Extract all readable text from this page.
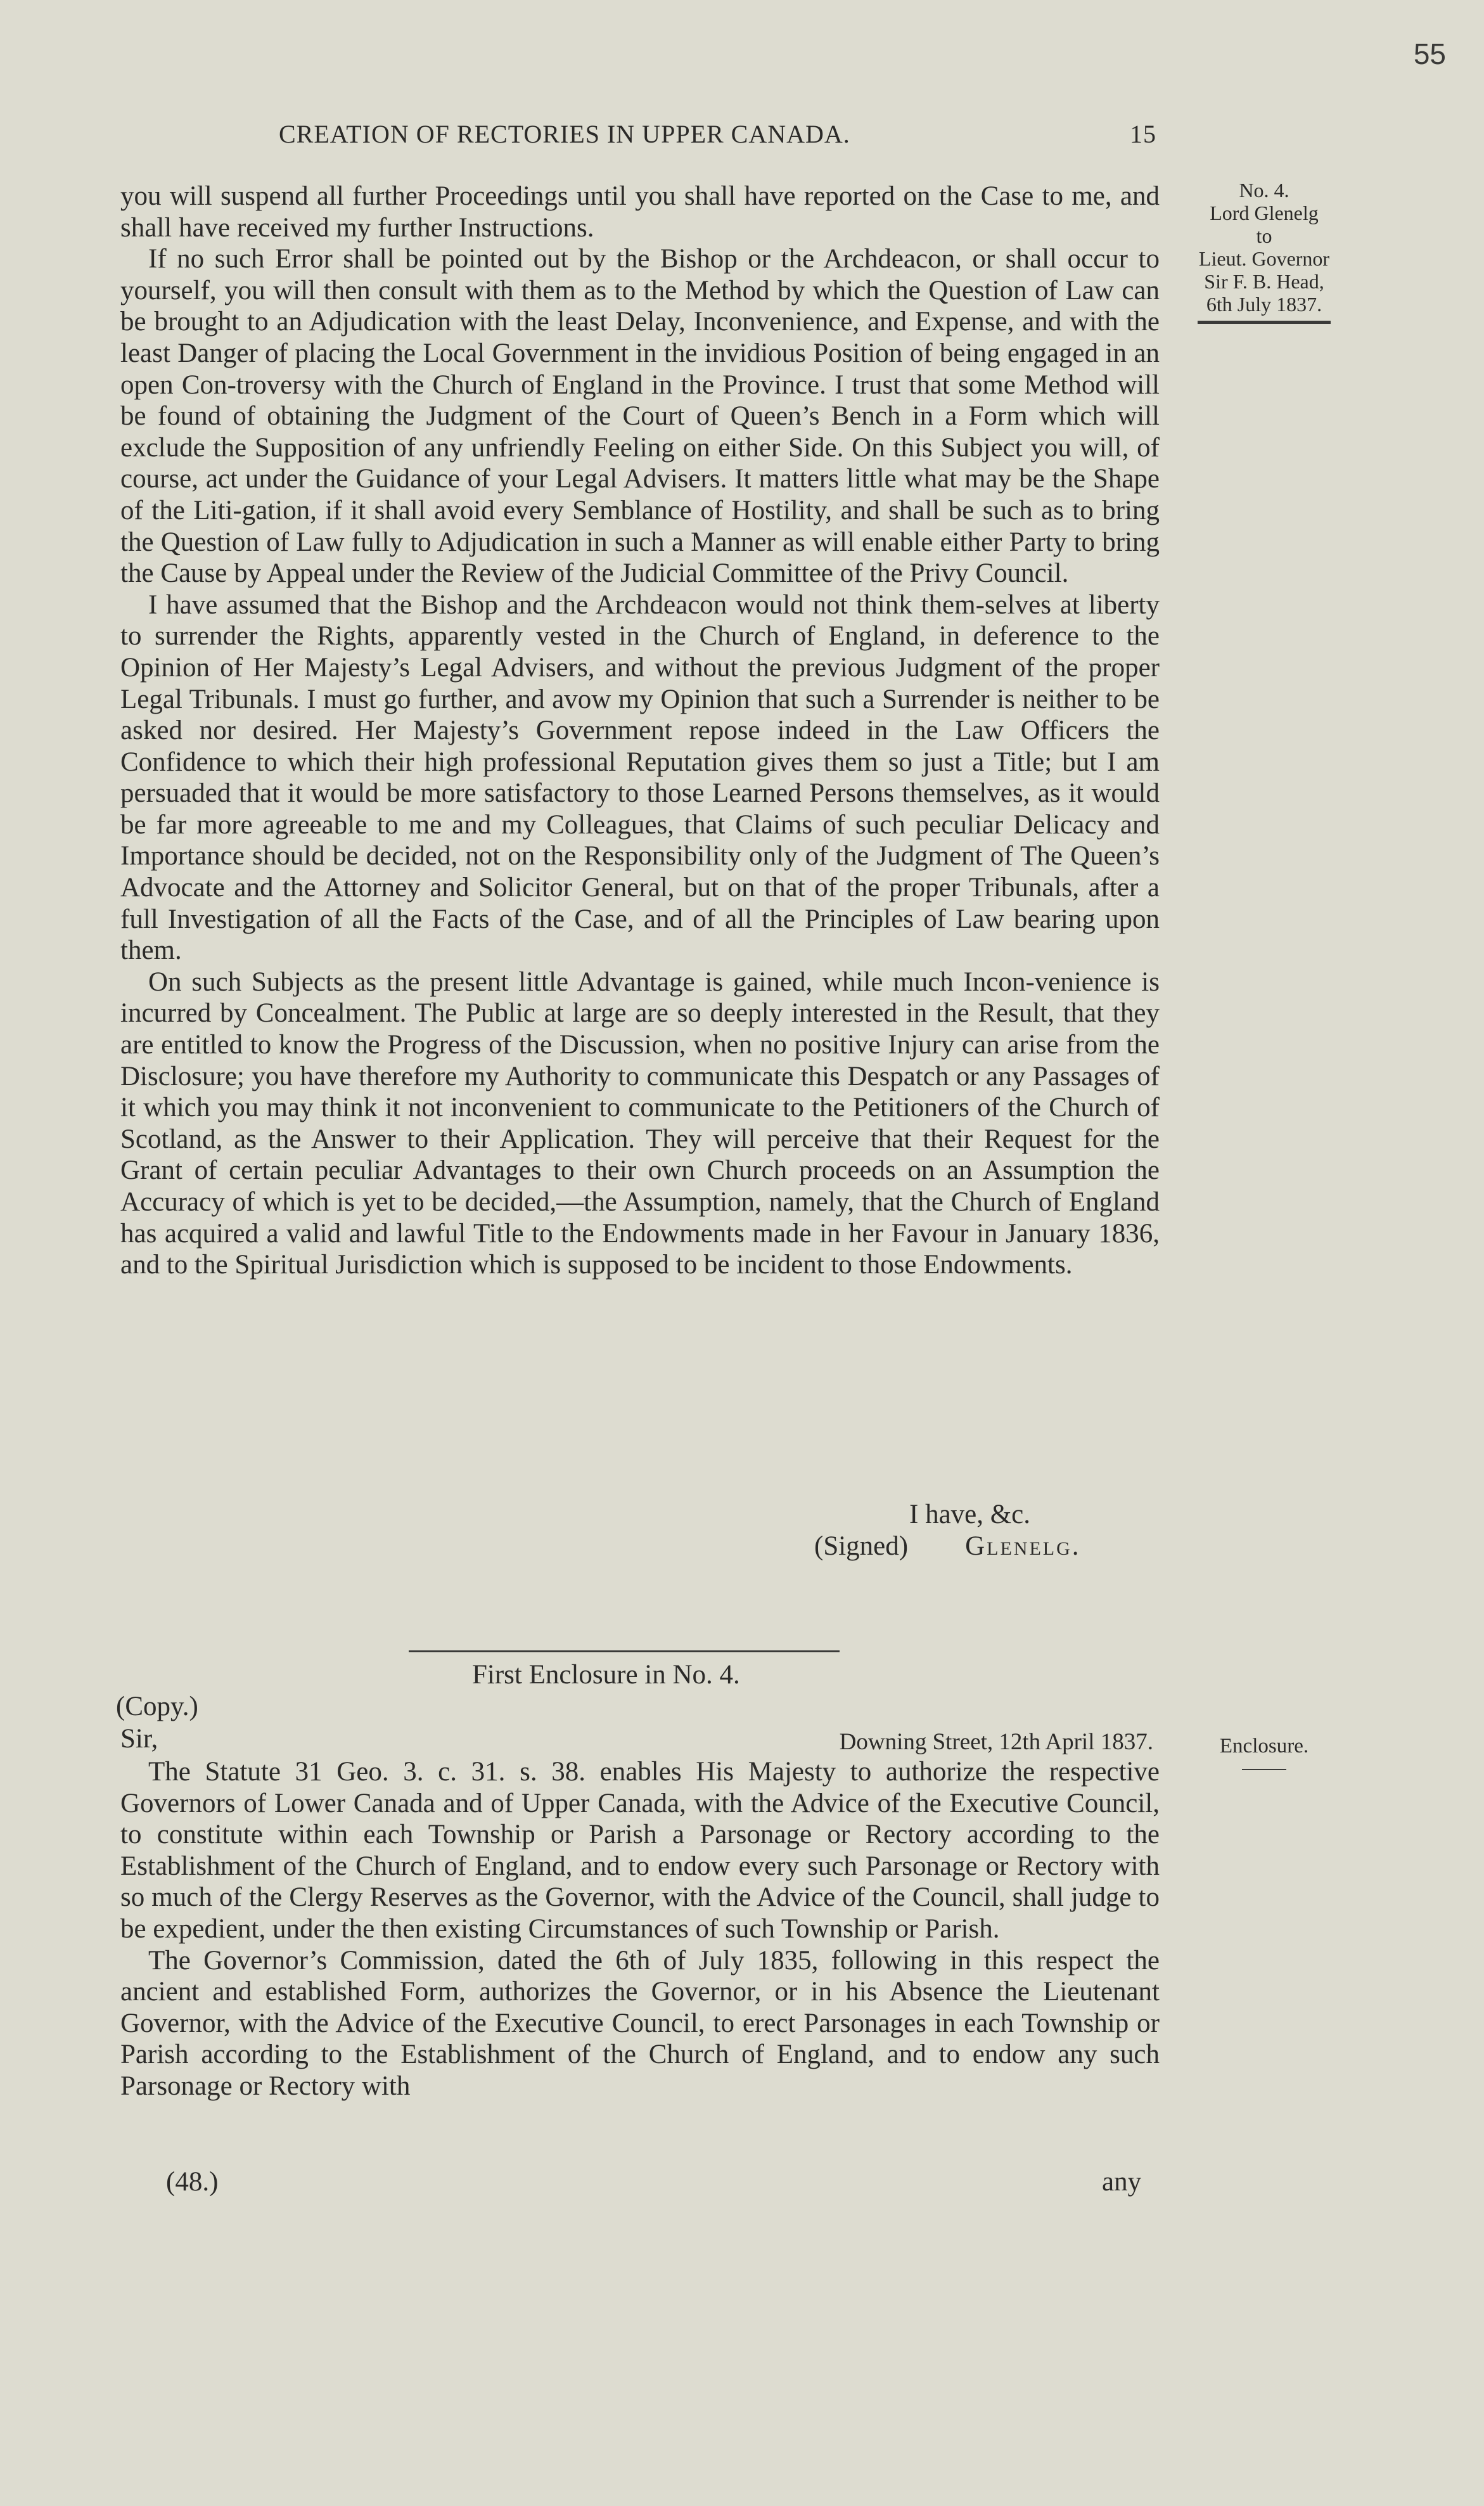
55
CREATION OF RECTORIES IN UPPER CANADA.	15
No. 4.
Lord Glenelg
to
Lieut. Governor
Sir F. B. Head,
6th July 1837.

you will suspend all further Proceedings until you shall have reported on the Case to me, and shall have received my further Instructions.

If no such Error shall be pointed out by the Bishop or the Archdeacon, or shall occur to yourself, you will then consult with them as to the Method by which the Question of Law can be brought to an Adjudication with the least Delay, Inconvenience, and Expense, and with the least Danger of placing the Local Government in the invidious Position of being engaged in an open Con-troversy with the Church of England in the Province. I trust that some Method will be found of obtaining the Judgment of the Court of Queen’s Bench in a Form which will exclude the Supposition of any unfriendly Feeling on either Side. On this Subject you will, of course, act under the Guidance of your Legal Advisers. It matters little what may be the Shape of the Liti-gation, if it shall avoid every Semblance of Hostility, and shall be such as to bring the Question of Law fully to Adjudication in such a Manner as will enable either Party to bring the Cause by Appeal under the Review of the Judicial Committee of the Privy Council.

I have assumed that the Bishop and the Archdeacon would not think them-selves at liberty to surrender the Rights, apparently vested in the Church of England, in deference to the Opinion of Her Majesty’s Legal Advisers, and without the previous Judgment of the proper Legal Tribunals. I must go further, and avow my Opinion that such a Surrender is neither to be asked nor desired. Her Majesty’s Government repose indeed in the Law Officers the Confidence to which their high professional Reputation gives them so just a Title; but I am persuaded that it would be more satisfactory to those Learned Persons themselves, as it would be far more agreeable to me and my Colleagues, that Claims of such peculiar Delicacy and Importance should be decided, not on the Responsibility only of the Judgment of The Queen’s Advocate and the Attorney and Solicitor General, but on that of the proper Tribunals, after a full Investigation of all the Facts of the Case, and of all the Principles of Law bearing upon them.

On such Subjects as the present little Advantage is gained, while much Incon-venience is incurred by Concealment. The Public at large are so deeply interested in the Result, that they are entitled to know the Progress of the Discussion, when no positive Injury can arise from the Disclosure; you have therefore my Authority to communicate this Despatch or any Passages of it which you may think it not inconvenient to communicate to the Petitioners of the Church of Scotland, as the Answer to their Application. They will perceive that their Request for the Grant of certain peculiar Advantages to their own Church proceeds on an Assumption the Accuracy of which is yet to be decided,—the Assumption, namely, that the Church of England has acquired a valid and lawful Title to the Endowments made in her Favour in January 1836, and to the Spiritual Jurisdiction which is supposed to be incident to those Endowments.

I have, &c.
(Signed) Glenelg.
First Enclosure in No. 4.
(Copy.)
Sir,	Downing Street, 12th April 1837.	Enclosure.

The Statute 31 Geo. 3. c. 31. s. 38. enables His Majesty to authorize the respective Governors of Lower Canada and of Upper Canada, with the Advice of the Executive Council, to constitute within each Township or Parish a Parsonage or Rectory according to the Establishment of the Church of England, and to endow every such Parsonage or Rectory with so much of the Clergy Reserves as the Governor, with the Advice of the Council, shall judge to be expedient, under the then existing Circumstances of such Township or Parish.

The Governor’s Commission, dated the 6th of July 1835, following in this respect the ancient and established Form, authorizes the Governor, or in his Absence the Lieutenant Governor, with the Advice of the Executive Council, to erect Parsonages in each Township or Parish according to the Establishment of the Church of England, and to endow any such Parsonage or Rectory with

(48.)	any
